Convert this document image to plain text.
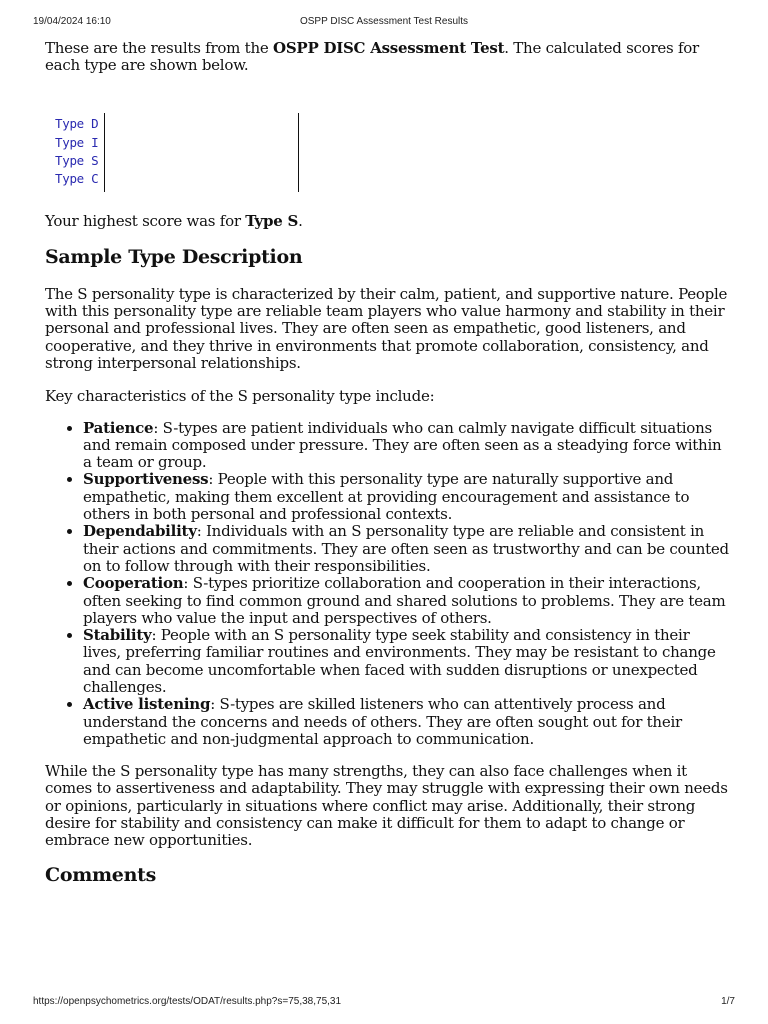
19/04/2024 16:10	OSPP DISC Assessment Test Results

These are the results from the OSPP DISC Assessment Test. The calculated scores for each type are shown below.

Type D	
Type I	
Type S	
Type C	

Your highest score was for Type S.

Sample Type Description

The S personality type is characterized by their calm, patient, and supportive nature. People with this personality type are reliable team players who value harmony and stability in their personal and professional lives. They are often seen as empathetic, good listeners, and cooperative, and they thrive in environments that promote collaboration, consistency, and strong interpersonal relationships.

Key characteristics of the S personality type include:

• Patience: S-types are patient individuals who can calmly navigate difficult situations and remain composed under pressure. They are often seen as a steadying force within a team or group.
• Supportiveness: People with this personality type are naturally supportive and empathetic, making them excellent at providing encouragement and assistance to others in both personal and professional contexts.
• Dependability: Individuals with an S personality type are reliable and consistent in their actions and commitments. They are often seen as trustworthy and can be counted on to follow through with their responsibilities.
• Cooperation: S-types prioritize collaboration and cooperation in their interactions, often seeking to find common ground and shared solutions to problems. They are team players who value the input and perspectives of others.
• Stability: People with an S personality type seek stability and consistency in their lives, preferring familiar routines and environments. They may be resistant to change and can become uncomfortable when faced with sudden disruptions or unexpected challenges.
• Active listening: S-types are skilled listeners who can attentively process and understand the concerns and needs of others. They are often sought out for their empathetic and non-judgmental approach to communication.

While the S personality type has many strengths, they can also face challenges when it comes to assertiveness and adaptability. They may struggle with expressing their own needs or opinions, particularly in situations where conflict may arise. Additionally, their strong desire for stability and consistency can make it difficult for them to adapt to change or embrace new opportunities.

Comments
https://openpsychometrics.org/tests/ODAT/results.php?s=75,38,75,31	1/7
